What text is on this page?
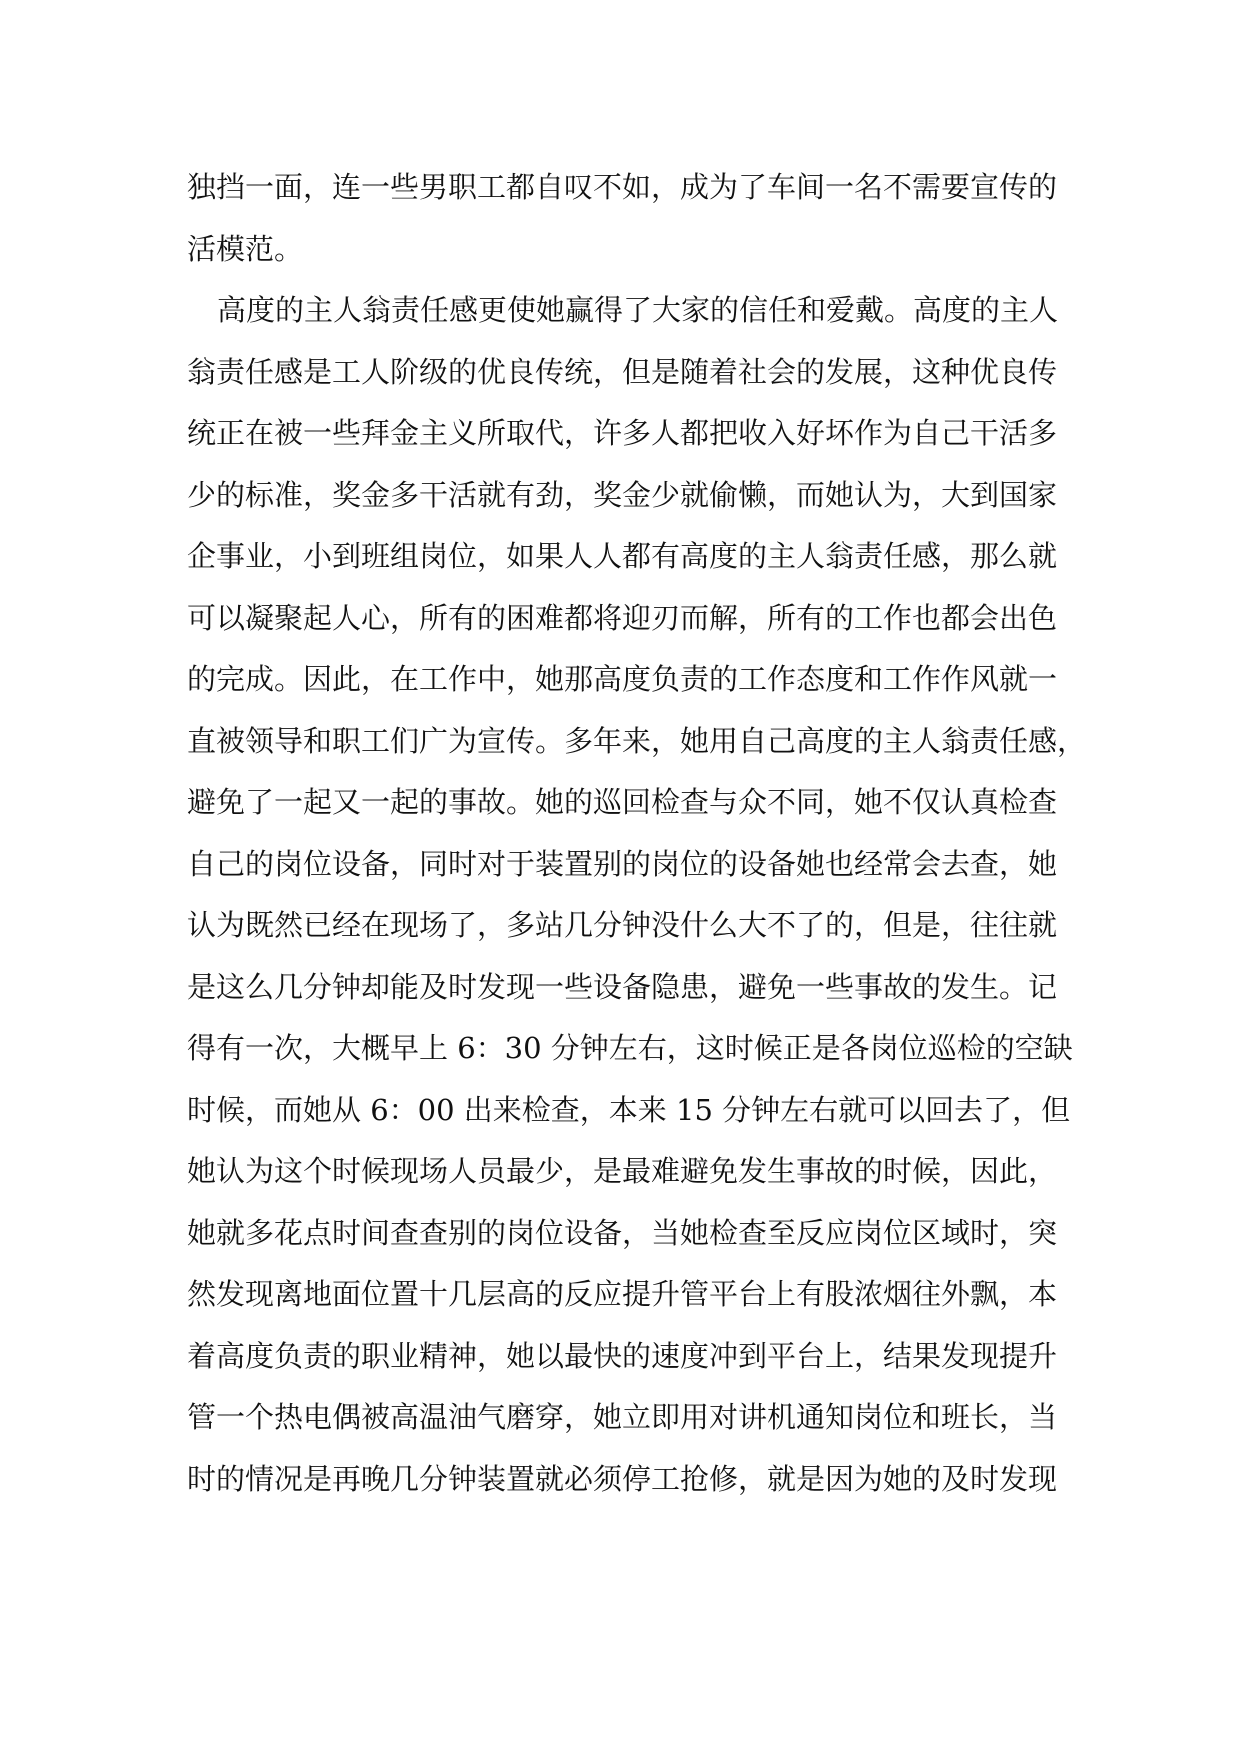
独挡一面，连一些男职工都自叹不如，成为了车间一名不需要宣传的
活模范。
高度的主人翁责任感更使她赢得了大家的信任和爱戴。高度的主人
翁责任感是工人阶级的优良传统，但是随着社会的发展，这种优良传
统正在被一些拜金主义所取代，许多人都把收入好坏作为自己干活多
少的标准，奖金多干活就有劲，奖金少就偷懒，而她认为，大到国家
企事业，小到班组岗位，如果人人都有高度的主人翁责任感，那么就
可以凝聚起人心，所有的困难都将迎刃而解，所有的工作也都会出色
的完成。因此，在工作中，她那高度负责的工作态度和工作作风就一
直被领导和职工们广为宣传。多年来，她用自己高度的主人翁责任感，
避免了一起又一起的事故。她的巡回检查与众不同，她不仅认真检查
自己的岗位设备，同时对于装置别的岗位的设备她也经常会去查，她
认为既然已经在现场了，多站几分钟没什么大不了的，但是，往往就
是这么几分钟却能及时发现一些设备隐患，避免一些事故的发生。记
得有一次，大概早上 6：30 分钟左右，这时候正是各岗位巡检的空缺
时候，而她从 6：00 出来检查，本来 15 分钟左右就可以回去了，但
她认为这个时候现场人员最少，是最难避免发生事故的时候，因此，
她就多花点时间查查别的岗位设备，当她检查至反应岗位区域时，突
然发现离地面位置十几层高的反应提升管平台上有股浓烟往外飘，本
着高度负责的职业精神，她以最快的速度冲到平台上，结果发现提升
管一个热电偶被高温油气磨穿，她立即用对讲机通知岗位和班长，当
时的情况是再晚几分钟装置就必须停工抢修，就是因为她的及时发现
